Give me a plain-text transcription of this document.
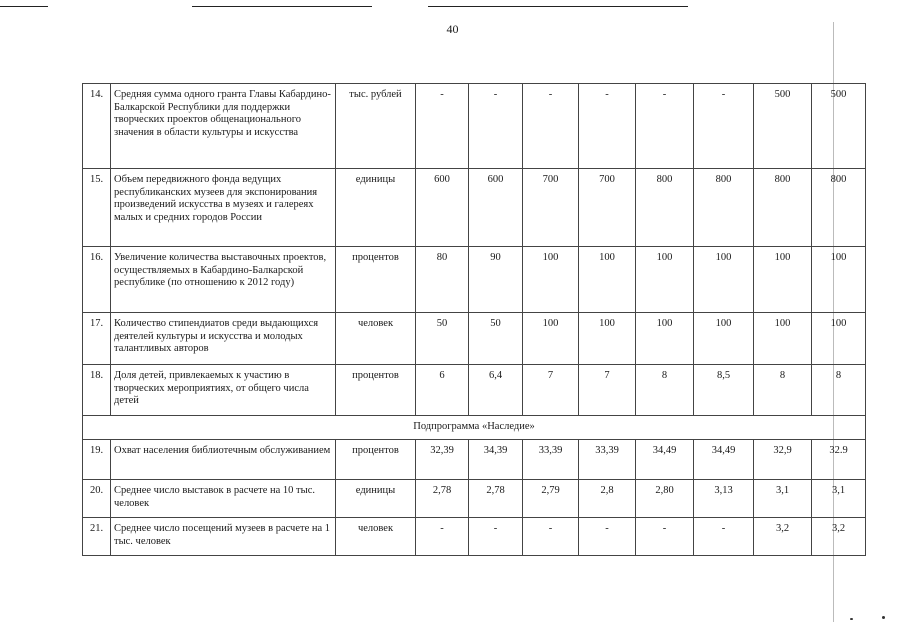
40
14.	Средняя сумма одного гранта Главы Кабардино-Балкарской Республики для поддержки творческих проектов общенационального значения в области культуры и искусства	тыс. рублей	-	-	-	-	-	-	500	500
15.	Объем передвижного фонда ведущих республиканских музеев для экспонирования произведений искусства в музеях и галереях малых и средних городов России	единицы	600	600	700	700	800	800	800	800
16.	Увеличение количества выставочных проектов, осуществляемых в Кабардино-Балкарской республике (по отношению к 2012 году)	процентов	80	90	100	100	100	100	100	100
17.	Количество стипендиатов среди выдающихся деятелей культуры и искусства и молодых талантливых авторов	человек	50	50	100	100	100	100	100	100
18.	Доля детей, привлекаемых к участию в творческих мероприятиях, от общего числа детей	процентов	6	6,4	7	7	8	8,5	8	8
Подпрограмма «Наследие»										
19.	Охват населения библиотечным обслуживанием	процентов	32,39	34,39	33,39	33,39	34,49	34,49	32,9	32.9
20.	Среднее число выставок в расчете на 10 тыс. человек	единицы	2,78	2,78	2,79	2,8	2,80	3,13	3,1	3,1
21.	Среднее число посещений музеев в расчете на 1 тыс. человек	человек	-	-	-	-	-	-	3,2	3,2
